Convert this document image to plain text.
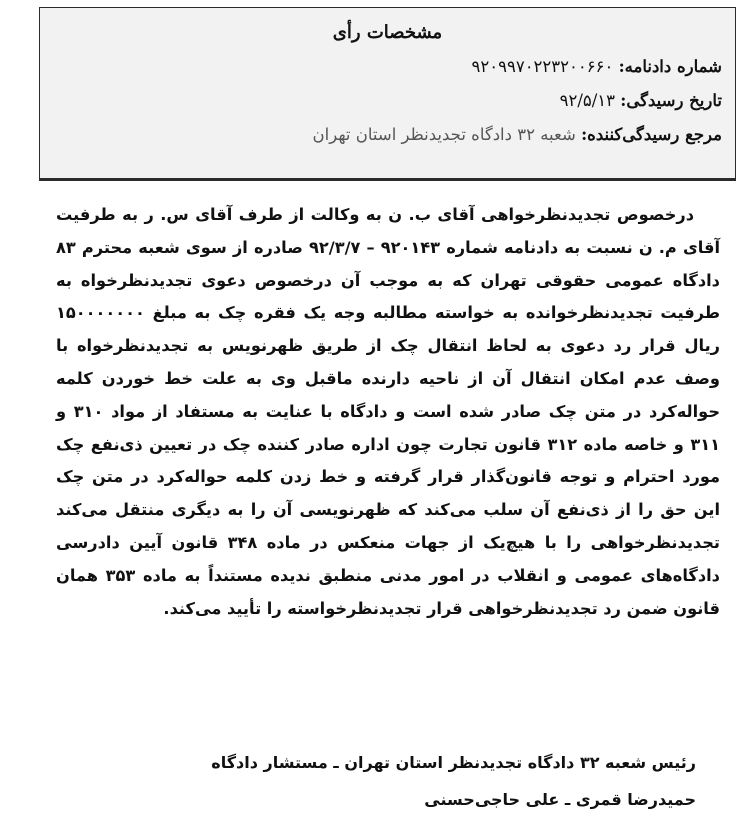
مشخصات رأی
شماره دادنامه: ۹۲۰۹۹۷۰۲۲۳۲۰۰۶۶۰
تاریخ رسیدگی: ۹۲/۵/۱۳
مرجع رسیدگی‌کننده: شعبه ۳۲ دادگاه تجدیدنظر استان تهران

درخصوص تجدیدنظرخواهی آقای ب. ن به وکالت از طرف آقای س. ر به طرفیت آقای م. ن نسبت به دادنامه شماره ۹۲۰۱۴۳ – ۹۲/۳/۷ صادره از سوی شعبه محترم ۸۳ دادگاه عمومی حقوقی تهران که به موجب آن درخصوص دعوی تجدیدنظرخواه به طرفیت تجدیدنظرخوانده به خواسته مطالبه وجه یک فقره چک به مبلغ ۱۵۰۰۰۰۰۰۰ ریال قرار رد دعوی به لحاظ انتقال چک از طریق ظهرنویس به تجدیدنظرخواه با وصف عدم امکان انتقال آن از ناحیه دارنده ماقبل وی به علت خط خوردن کلمه حواله‌کرد در متن چک صادر شده است و دادگاه با عنایت به مستفاد از مواد ۳۱۰ و ۳۱۱ و خاصه ماده ۳۱۲ قانون تجارت چون اداره صادر کننده چک در تعیین ذی‌نفع چک مورد احترام و توجه قانون‌گذار قرار گرفته و خط زدن کلمه حواله‌کرد در متن چک این حق را از ذی‌نفع آن سلب می‌کند که ظهرنویسی آن را به دیگری منتقل می‌کند تجدیدنظرخواهی را با هیچ‌یک از جهات منعکس در ماده ۳۴۸ قانون آیین دادرسی دادگاه‌های عمومی و انقلاب در امور مدنی منطبق ندیده مستنداً به ماده ۳۵۳ همان قانون ضمن رد تجدیدنظرخواهی قرار تجدیدنظرخواسته را تأیید می‌کند.

رئیس شعبه ۳۲ دادگاه تجدیدنظر استان تهران ـ مستشار دادگاه
حمیدرضا قمری ـ علی حاجی‌حسنی
